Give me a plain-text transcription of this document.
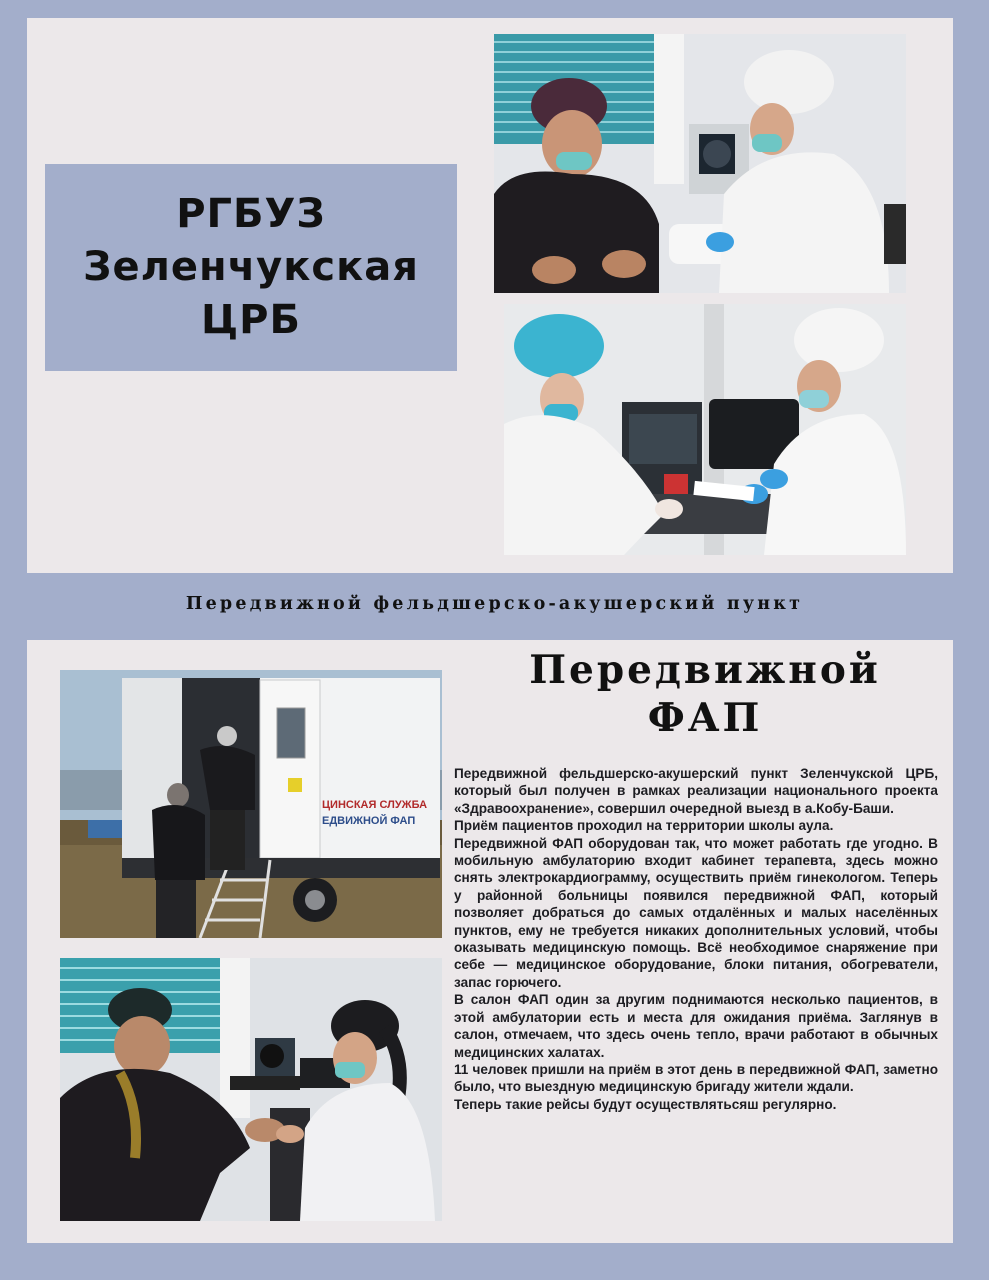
РГБУЗ
Зеленчукская
ЦРБ
Передвижной фельдшерско-акушерский пункт
ЦИНСКАЯ СЛУЖБА
ЕДВИЖНОЙ ФАП
Передвижной
ФАП

Передвижной фельдшерско-акушерский пункт Зеленчукской ЦРБ, который был получен в рамках реализации национального проекта «Здравоохранение», совершил очередной выезд в а.Кобу-Баши.

Приём пациентов проходил на территории школы аула.

Передвижной ФАП оборудован так, что может работать где угодно. В мобильную амбулаторию входит кабинет терапевта, здесь можно снять электрокардиограмму, осуществить приём гинекологом. Теперь у районной больницы появился передвижной ФАП, который позволяет добраться до самых отдалённых и малых населённых пунктов, ему не требуется никаких дополнительных условий, чтобы оказывать медицинскую помощь. Всё необходимое снаряжение при себе — медицинское оборудование, блоки питания, обогреватели, запас горючего.

В салон ФАП один за другим поднимаются несколько пациентов, в этой амбулатории есть и места для ожидания приёма. Заглянув в салон, отмечаем, что здесь очень тепло, врачи работают в обычных медицинских халатах.

11 человек пришли на приём в этот день в передвижной ФАП, заметно было, что выездную медицинскую бригаду жители ждали.

Теперь такие рейсы будут осуществлятьсяш регулярно.
